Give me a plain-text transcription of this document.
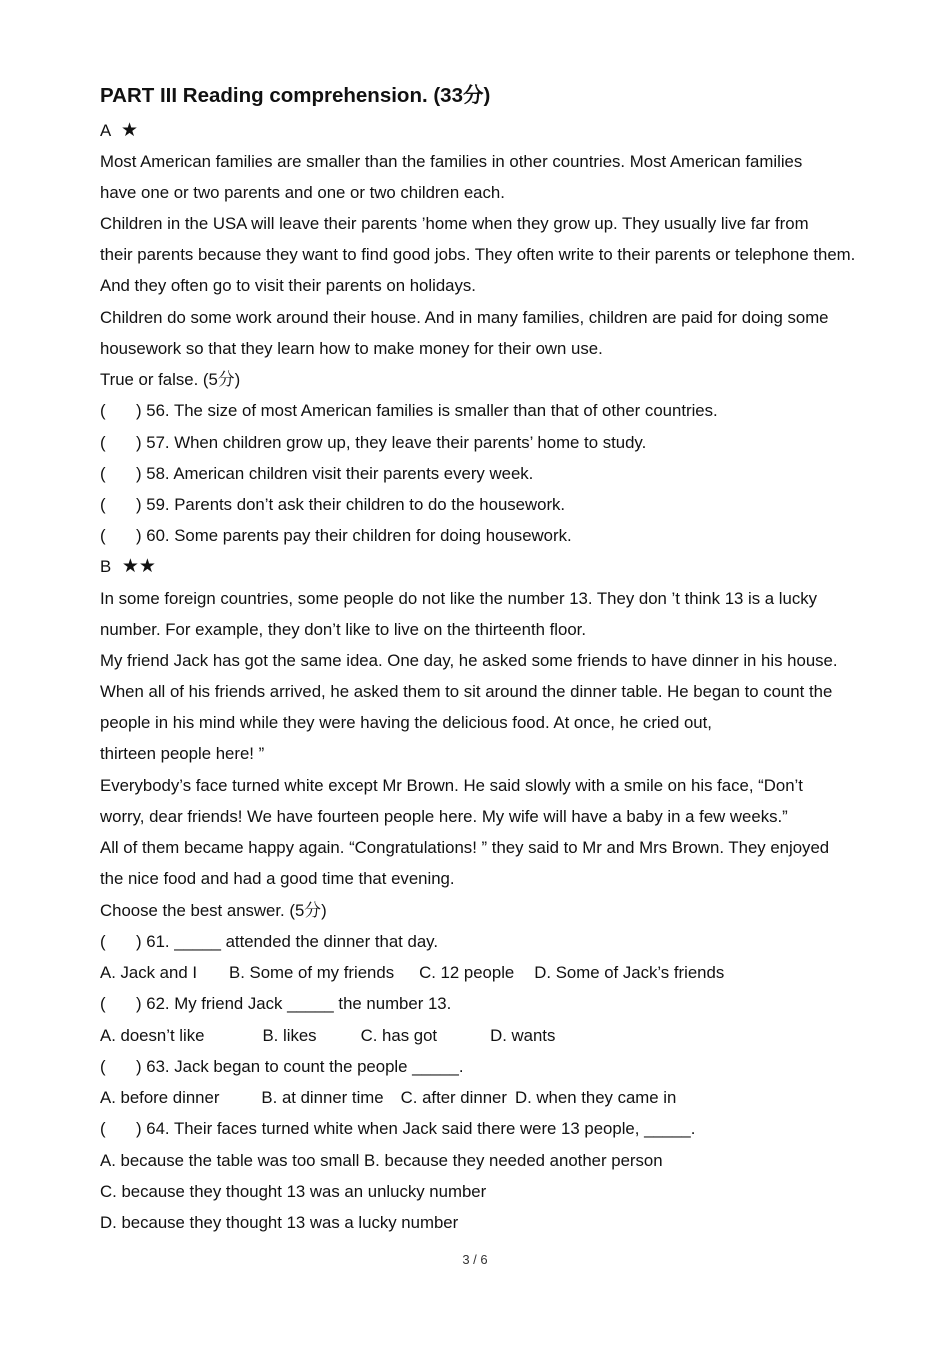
PART III Reading comprehension. (33分)
A ★
Most American families are smaller than the families in other countries. Most American families
have one or two parents and one or two children each.
Children in the USA will leave their parents ’home when they grow up. They usually live far from
their parents because they want to find good jobs. They often write to their parents or telephone them.
And they often go to visit their parents on holidays.
Children do some work around their house. And in many families, children are paid for doing some
housework so that they learn how to make money for their own use.
True or false. (5分)
( ) 56. The size of most American families is smaller than that of other countries.
( ) 57. When children grow up, they leave their parents’ home to study.
( ) 58. American children visit their parents every week.
( ) 59. Parents don’t ask their children to do the housework.
( ) 60. Some parents pay their children for doing housework.
B ★★
In some foreign countries, some people do not like the number 13. They don ’t think 13 is a lucky
number. For example, they don’t like to live on the thirteenth floor.
My friend Jack has got the same idea. One day, he asked some friends to have dinner in his house.
When all of his friends arrived, he asked them to sit around the dinner table. He began to count the
people in his mind while they were having the delicious food. At once, he cried out,
thirteen people here! ”
Everybody’s face turned white except Mr Brown. He said slowly with a smile on his face, “Don’t
worry, dear friends! We have fourteen people here. My wife will have a baby in a few weeks.”
All of them became happy again. “Congratulations! ” they said to Mr and Mrs Brown. They enjoyed
the nice food and had a good time that evening.
Choose the best answer. (5分)
( ) 61. _____ attended the dinner that day.
A. Jack and I B. Some of my friends C. 12 people D. Some of Jack’s friends
( ) 62. My friend Jack _____ the number 13.
A. doesn’t like	B. likes	C. has got	D. wants
( ) 63. Jack began to count the people _____.
A. before dinner	B. at dinner time C. after dinner D. when they came in
( ) 64. Their faces turned white when Jack said there were 13 people, _____.
A. because the table was too small B. because they needed another person
C. because they thought 13 was an unlucky number
D. because they thought 13 was a lucky number
3 / 6
